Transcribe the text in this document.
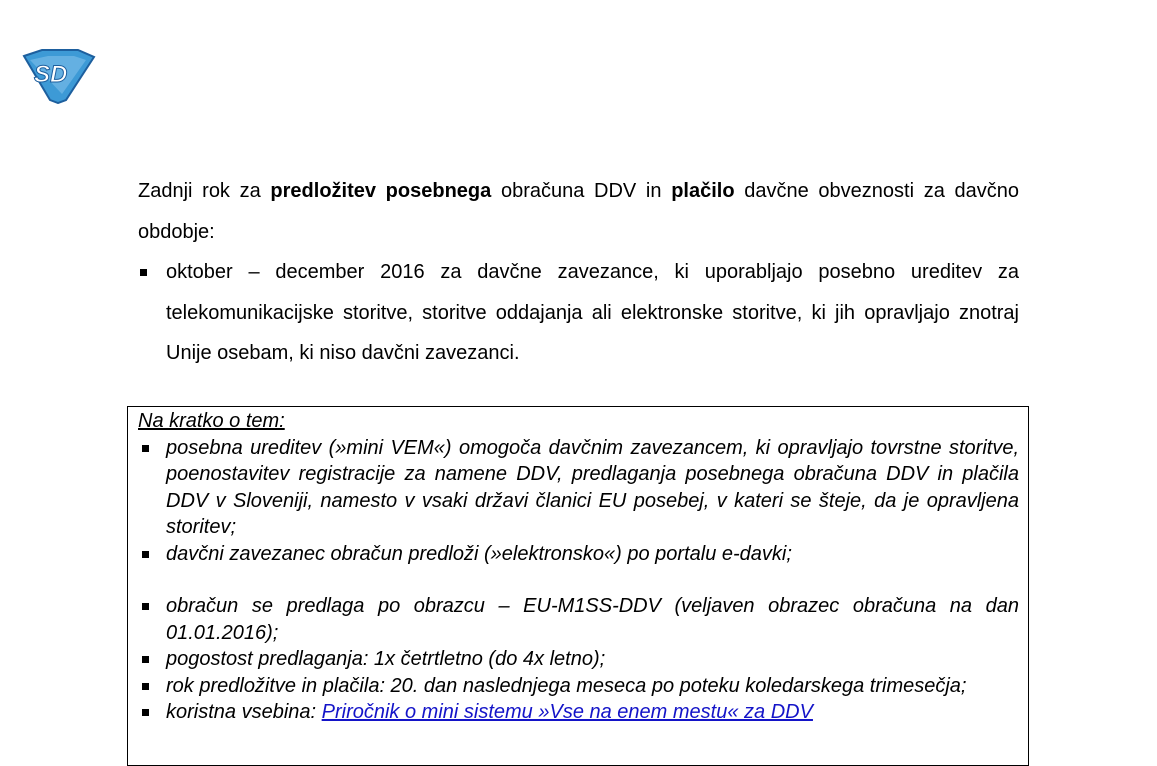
SD

Zadnji rok za predložitev posebnega obračuna DDV in plačilo davčne obveznosti za davčno obdobje:

oktober – december 2016 za davčne zavezance, ki uporabljajo posebno ureditev za telekomunikacijske storitve, storitve oddajanja ali elektronske storitve, ki jih opravljajo znotraj Unije osebam, ki niso davčni zavezanci.

Na kratko o tem:

posebna ureditev (»mini VEM«) omogoča davčnim zavezancem, ki opravljajo tovrstne storitve, poenostavitev registracije za namene DDV, predlaganja posebnega obračuna DDV in plačila DDV v Sloveniji, namesto v vsaki državi članici EU posebej, v kateri se šteje, da je opravljena storitev;
davčni zavezanec obračun predloži (»elektronsko«) po portalu e-davki;
obračun se predlaga po obrazcu – EU-M1SS-DDV (veljaven obrazec obračuna na dan 01.01.2016);
pogostost predlaganja: 1x četrtletno (do 4x letno);
rok predložitve in plačila: 20. dan naslednjega meseca po poteku koledarskega trimesečja;
koristna vsebina: Priročnik o mini sistemu »Vse na enem mestu« za DDV
